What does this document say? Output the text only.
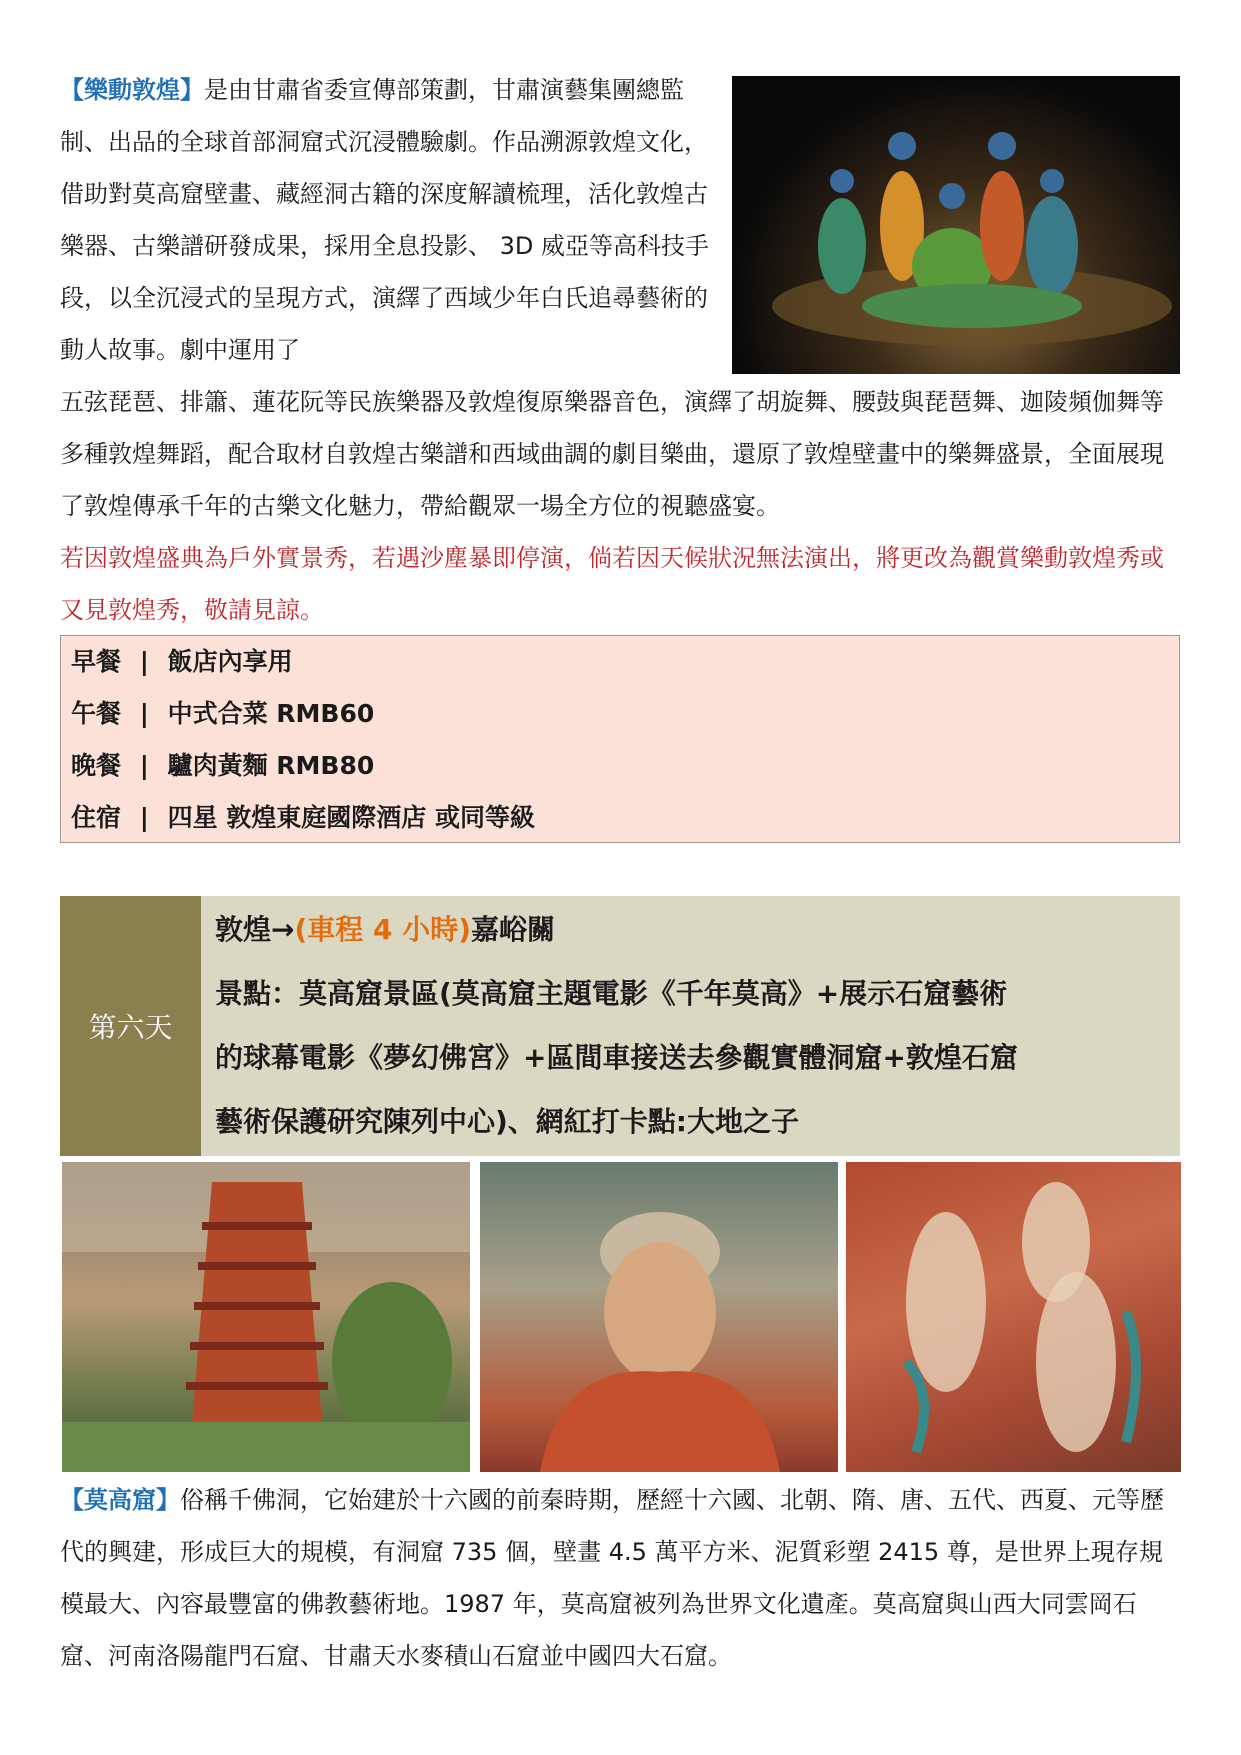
【樂動敦煌】是由甘肅省委宣傳部策劃，甘肅演藝集團總監制、出品的全球首部洞窟式沉浸體驗劇。作品溯源敦煌文化，借助對莫高窟壁畫、藏經洞古籍的深度解讀梳理，活化敦煌古樂器、古樂譜研發成果，採用全息投影、 3D 威亞等高科技手段，以全沉浸式的呈現方式，演繹了西域少年白氏追尋藝術的動人故事。劇中運用了
五弦琵琶、排簫、蓮花阮等民族樂器及敦煌復原樂器音色，演繹了胡旋舞、腰鼓與琵琶舞、迦陵頻伽舞等多種敦煌舞蹈，配合取材自敦煌古樂譜和西域曲調的劇目樂曲，還原了敦煌壁畫中的樂舞盛景，全面展現了敦煌傳承千年的古樂文化魅力，帶給觀眾一場全方位的視聽盛宴。
若因敦煌盛典為戶外實景秀，若遇沙塵暴即停演，倘若因天候狀況無法演出，將更改為觀賞樂動敦煌秀或又見敦煌秀，敬請見諒。
早餐 | 飯店內享用
午餐 | 中式合菜 RMB60
晚餐 | 驢肉黃麵 RMB80
住宿 | 四星 敦煌東庭國際酒店 或同等級
第六天
敦煌→(車程 4 小時)嘉峪關
景點：莫高窟景區(莫高窟主題電影《千年莫高》+展示石窟藝術
的球幕電影《夢幻佛宮》+區間車接送去參觀實體洞窟+敦煌石窟
藝術保護研究陳列中心)、網紅打卡點:大地之子
【莫高窟】俗稱千佛洞，它始建於十六國的前秦時期，歷經十六國、北朝、隋、唐、五代、西夏、元等歷代的興建，形成巨大的規模，有洞窟 735 個，壁畫 4.5 萬平方米、泥質彩塑 2415 尊，是世界上現存規模最大、內容最豐富的佛教藝術地。1987 年，莫高窟被列為世界文化遺產。莫高窟與山西大同雲岡石窟、河南洛陽龍門石窟、甘肅天水麥積山石窟並中國四大石窟。
